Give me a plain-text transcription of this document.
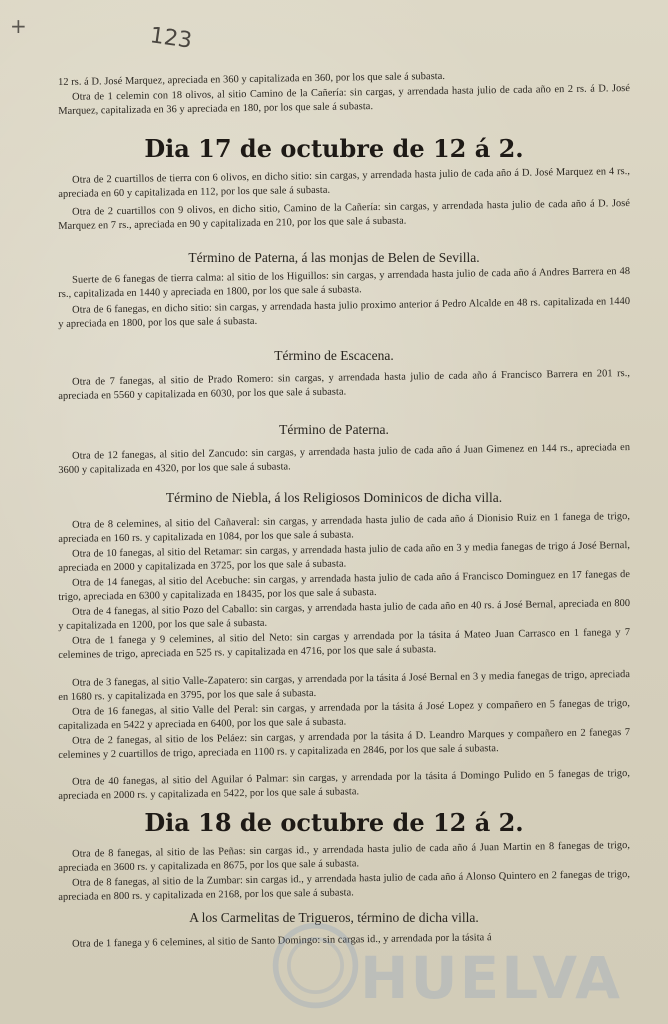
+	123

12 rs. á D. José Marquez, apreciada en 360 y capitalizada en 360, por los que sale á subasta.

Otra de 1 celemin con 18 olivos, al sitio Camino de la Cañería: sin cargas, y arrendada hasta julio de cada año en 2 rs. á D. José Marquez, capitalizada en 36 y apreciada en 180, por los que sale á subasta.

Dia 17 de octubre de 12 á 2.

Otra de 2 cuartillos de tierra con 6 olivos, en dicho sitio: sin cargas, y arrendada hasta julio de cada año á D. José Marquez en 4 rs., apreciada en 60 y capitalizada en 112, por los que sale á subasta.

Otra de 2 cuartillos con 9 olivos, en dicho sitio, Camino de la Cañería: sin cargas, y arrendada hasta julio de cada año á D. José Marquez en 7 rs., apreciada en 90 y capitalizada en 210, por los que sale á subasta.

Término de Paterna, á las monjas de Belen de Sevilla.

Suerte de 6 fanegas de tierra calma: al sitio de los Higuillos: sin cargas, y arrendada hasta julio de cada año á Andres Barrera en 48 rs., capitalizada en 1440 y apreciada en 1800, por los que sale á subasta.

Otra de 6 fanegas, en dicho sitio: sin cargas, y arrendada hasta julio proximo anterior á Pedro Alcalde en 48 rs. capitalizada en 1440 y apreciada en 1800, por los que sale á subasta.

Término de Escacena.

Otra de 7 fanegas, al sitio de Prado Romero: sin cargas, y arrendada hasta julio de cada año á Francisco Barrera en 201 rs., apreciada en 5560 y capitalizada en 6030, por los que sale á subasta.

Término de Paterna.

Otra de 12 fanegas, al sitio del Zancudo: sin cargas, y arrendada hasta julio de cada año á Juan Gimenez en 144 rs., apreciada en 3600 y capitalizada en 4320, por los que sale á subasta.

Término de Niebla, á los Religiosos Dominicos de dicha villa.

Otra de 8 celemines, al sitio del Cañaveral: sin cargas, y arrendada hasta julio de cada año á Dionisio Ruiz en 1 fanega de trigo, apreciada en 160 rs. y capitalizada en 1084, por los que sale á subasta.

Otra de 10 fanegas, al sitio del Retamar: sin cargas, y arrendada hasta julio de cada año en 3 y media fanegas de trigo á José Bernal, apreciada en 2000 y capitalizada en 3725, por los que sale á subasta.

Otra de 14 fanegas, al sitio del Acebuche: sin cargas, y arrendada hasta julio de cada año á Francisco Dominguez en 17 fanegas de trigo, apreciada en 6300 y capitalizada en 18435, por los que sale á subasta.

Otra de 4 fanegas, al sitio Pozo del Caballo: sin cargas, y arrendada hasta julio de cada año en 40 rs. á José Bernal, apreciada en 800 y capitalizada en 1200, por los que sale á subasta.

Otra de 1 fanega y 9 celemines, al sitio del Neto: sin cargas y arrendada por la tásita á Mateo Juan Carrasco en 1 fanega y 7 celemines de trigo, apreciada en 525 rs. y capitalizada en 4716, por los que sale á subasta.

Otra de 3 fanegas, al sitio Valle-Zapatero: sin cargas, y arrendada por la tásita á José Bernal en 3 y media fanegas de trigo, apreciada en 1680 rs. y capitalizada en 3795, por los que sale á subasta.

Otra de 16 fanegas, al sitio Valle del Peral: sin cargas, y arrendada por la tásita á José Lopez y compañero en 5 fanegas de trigo, capitalizada en 5422 y apreciada en 6400, por los que sale á subasta.

Otra de 2 fanegas, al sitio de los Peláez: sin cargas, y arrendada por la tásita á D. Leandro Marques y compañero en 2 fanegas 7 celemines y 2 cuartillos de trigo, apreciada en 1100 rs. y capitalizada en 2846, por los que sale á subasta.

Otra de 40 fanegas, al sitio del Aguilar ó Palmar: sin cargas, y arrendada por la tásita á Domingo Pulido en 5 fanegas de trigo, apreciada en 2000 rs. y capitalizada en 5422, por los que sale á subasta.

Dia 18 de octubre de 12 á 2.

Otra de 8 fanegas, al sitio de las Peñas: sin cargas id., y arrendada hasta julio de cada año á Juan Martin en 8 fanegas de trigo, apreciada en 3600 rs. y capitalizada en 8675, por los que sale á subasta.

Otra de 8 fanegas, al sitio de la Zumbar: sin cargas id., y arrendada hasta julio de cada año á Alonso Quintero en 2 fanegas de trigo, apreciada en 800 rs. y capitalizada en 2168, por los que sale á subasta.

A los Carmelitas de Trigueros, término de dicha villa.

Otra de 1 fanega y 6 celemines, al sitio de Santo Domingo: sin cargas id., y arrendada por la tásita á

HUELVA
